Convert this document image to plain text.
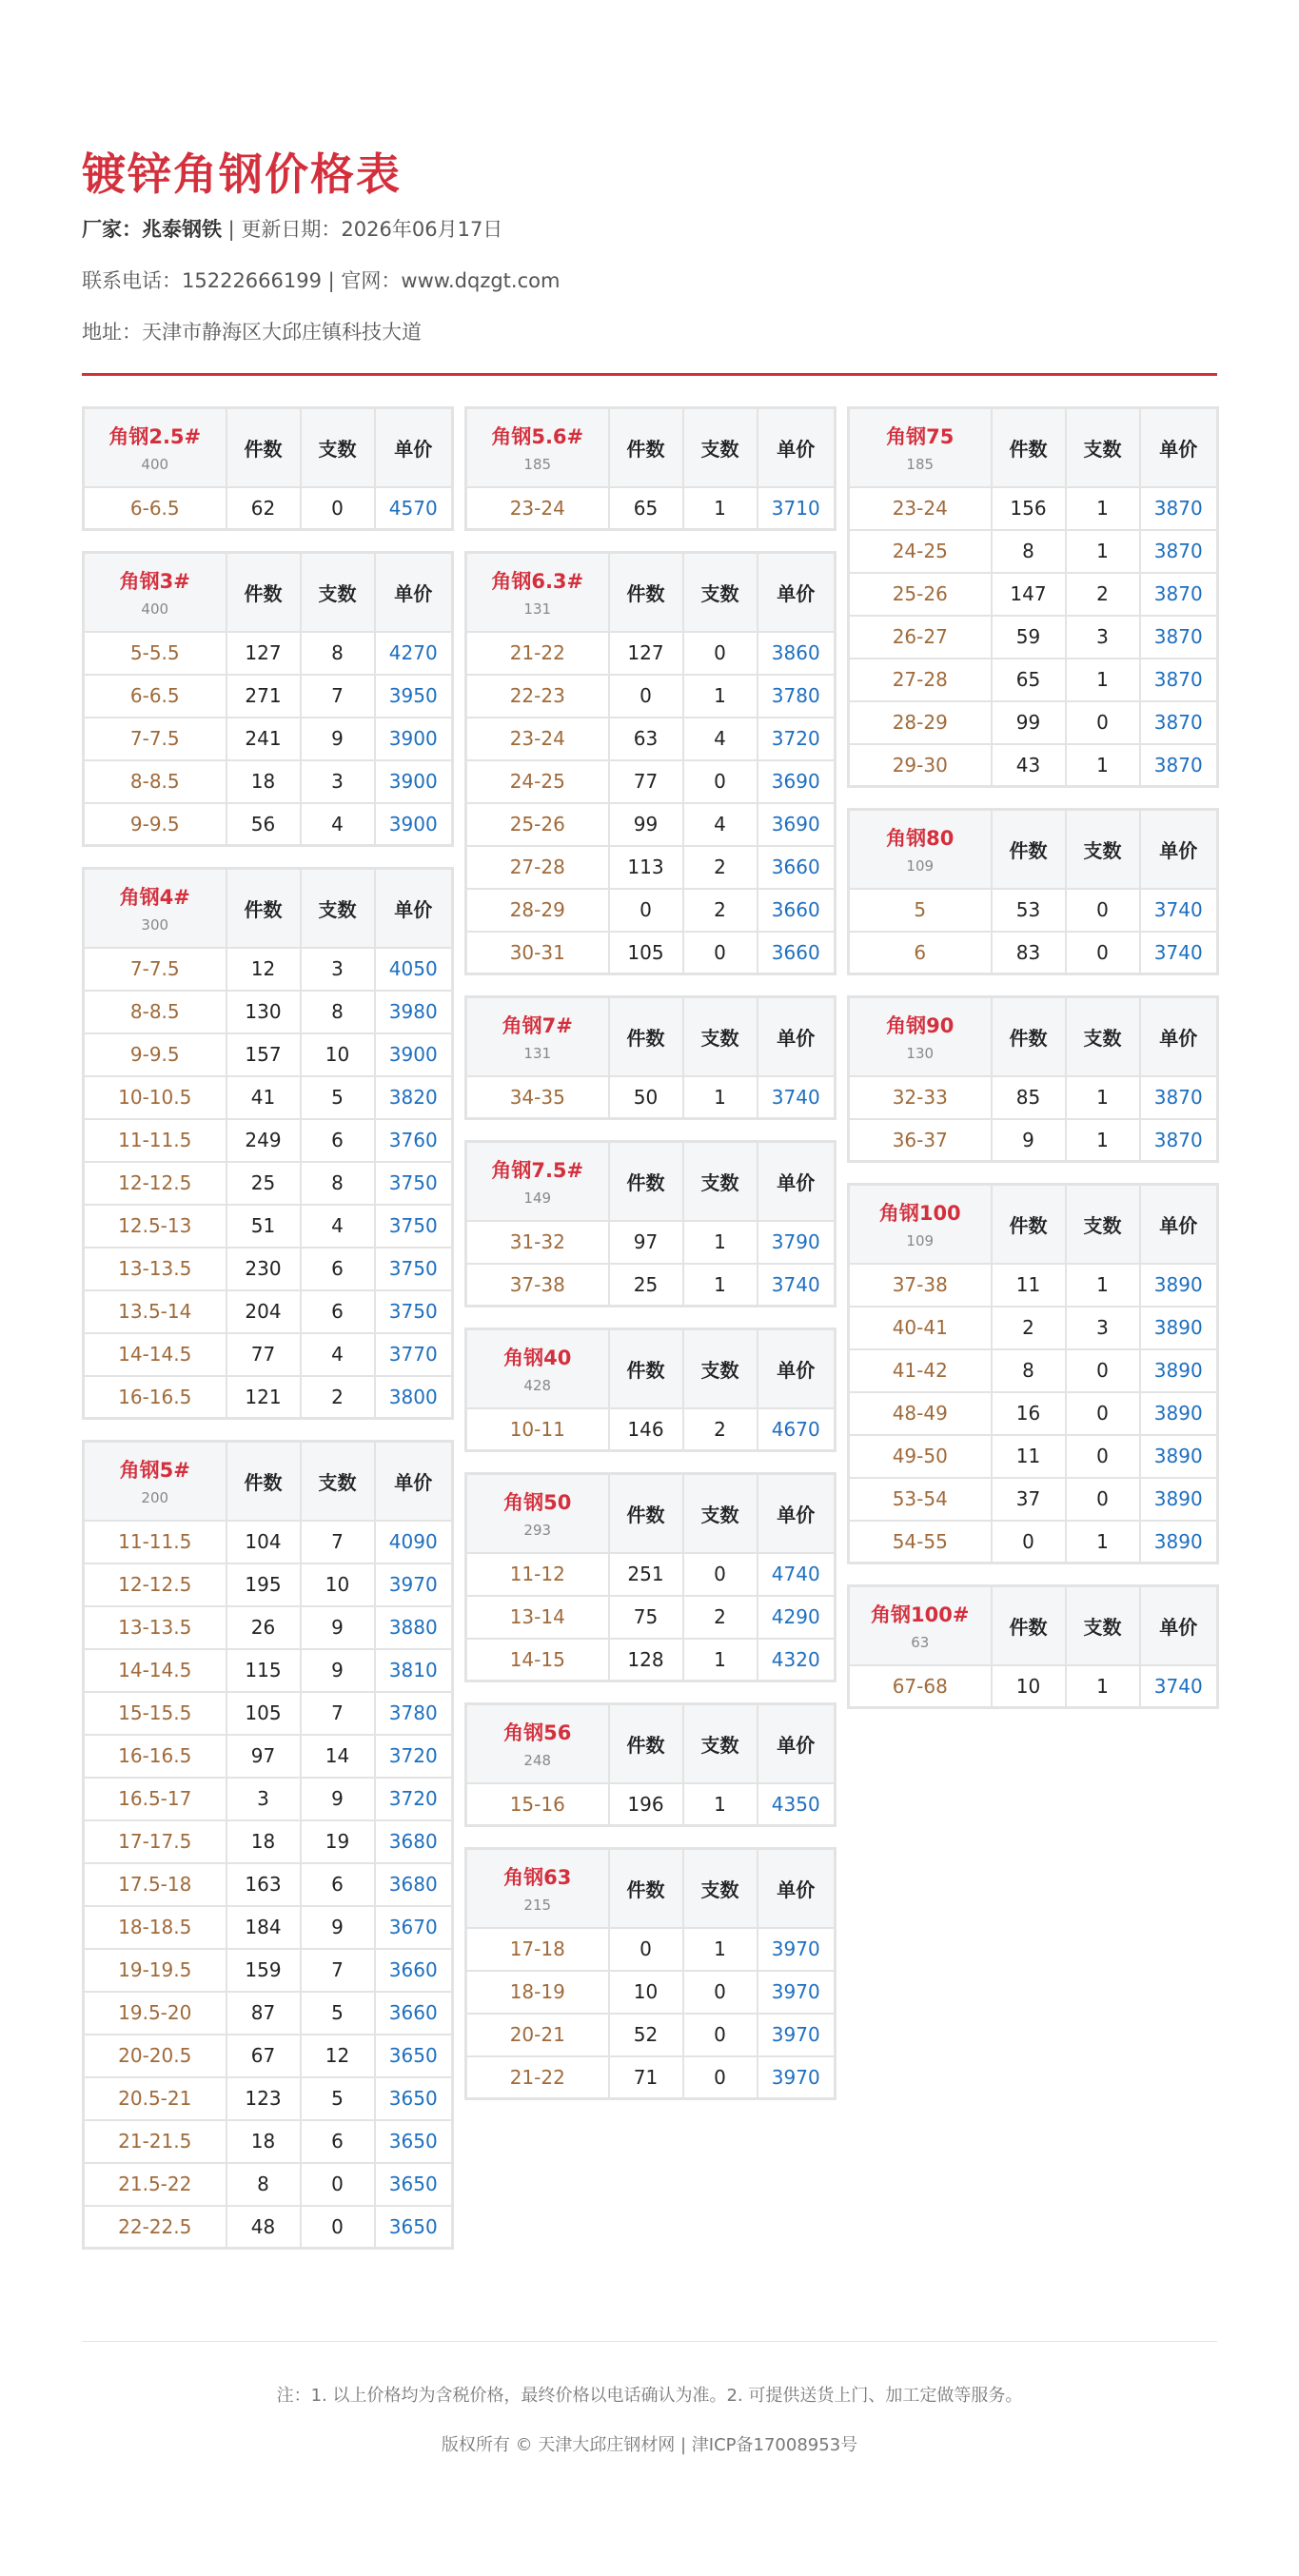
镀锌角钢价格表
厂家：兆泰钢铁 | 更新日期：2026年06月17日
联系电话：15222666199 | 官网：www.dqzgt.com
地址：天津市静海区大邱庄镇科技大道
角钢2.5#
400	件数	支数	单价
6-6.5	62	0	4570
角钢3#
400	件数	支数	单价
5-5.5	127	8	4270
6-6.5	271	7	3950
7-7.5	241	9	3900
8-8.5	18	3	3900
9-9.5	56	4	3900
角钢4#
300	件数	支数	单价
7-7.5	12	3	4050
8-8.5	130	8	3980
9-9.5	157	10	3900
10-10.5	41	5	3820
11-11.5	249	6	3760
12-12.5	25	8	3750
12.5-13	51	4	3750
13-13.5	230	6	3750
13.5-14	204	6	3750
14-14.5	77	4	3770
16-16.5	121	2	3800
角钢5#
200	件数	支数	单价
11-11.5	104	7	4090
12-12.5	195	10	3970
13-13.5	26	9	3880
14-14.5	115	9	3810
15-15.5	105	7	3780
16-16.5	97	14	3720
16.5-17	3	9	3720
17-17.5	18	19	3680
17.5-18	163	6	3680
18-18.5	184	9	3670
19-19.5	159	7	3660
19.5-20	87	5	3660
20-20.5	67	12	3650
20.5-21	123	5	3650
21-21.5	18	6	3650
21.5-22	8	0	3650
22-22.5	48	0	3650
角钢5.6#
185	件数	支数	单价
23-24	65	1	3710
角钢6.3#
131	件数	支数	单价
21-22	127	0	3860
22-23	0	1	3780
23-24	63	4	3720
24-25	77	0	3690
25-26	99	4	3690
27-28	113	2	3660
28-29	0	2	3660
30-31	105	0	3660
角钢7#
131	件数	支数	单价
34-35	50	1	3740
角钢7.5#
149	件数	支数	单价
31-32	97	1	3790
37-38	25	1	3740
角钢40
428	件数	支数	单价
10-11	146	2	4670
角钢50
293	件数	支数	单价
11-12	251	0	4740
13-14	75	2	4290
14-15	128	1	4320
角钢56
248	件数	支数	单价
15-16	196	1	4350
角钢63
215	件数	支数	单价
17-18	0	1	3970
18-19	10	0	3970
20-21	52	0	3970
21-22	71	0	3970
角钢75
185	件数	支数	单价
23-24	156	1	3870
24-25	8	1	3870
25-26	147	2	3870
26-27	59	3	3870
27-28	65	1	3870
28-29	99	0	3870
29-30	43	1	3870
角钢80
109	件数	支数	单价
5	53	0	3740
6	83	0	3740
角钢90
130	件数	支数	单价
32-33	85	1	3870
36-37	9	1	3870
角钢100
109	件数	支数	单价
37-38	11	1	3890
40-41	2	3	3890
41-42	8	0	3890
48-49	16	0	3890
49-50	11	0	3890
53-54	37	0	3890
54-55	0	1	3890
角钢100#
63	件数	支数	单价
67-68	10	1	3740

注：1. 以上价格均为含税价格，最终价格以电话确认为准。2. 可提供送货上门、加工定做等服务。

版权所有 © 天津大邱庄钢材网 | 津ICP备17008953号
